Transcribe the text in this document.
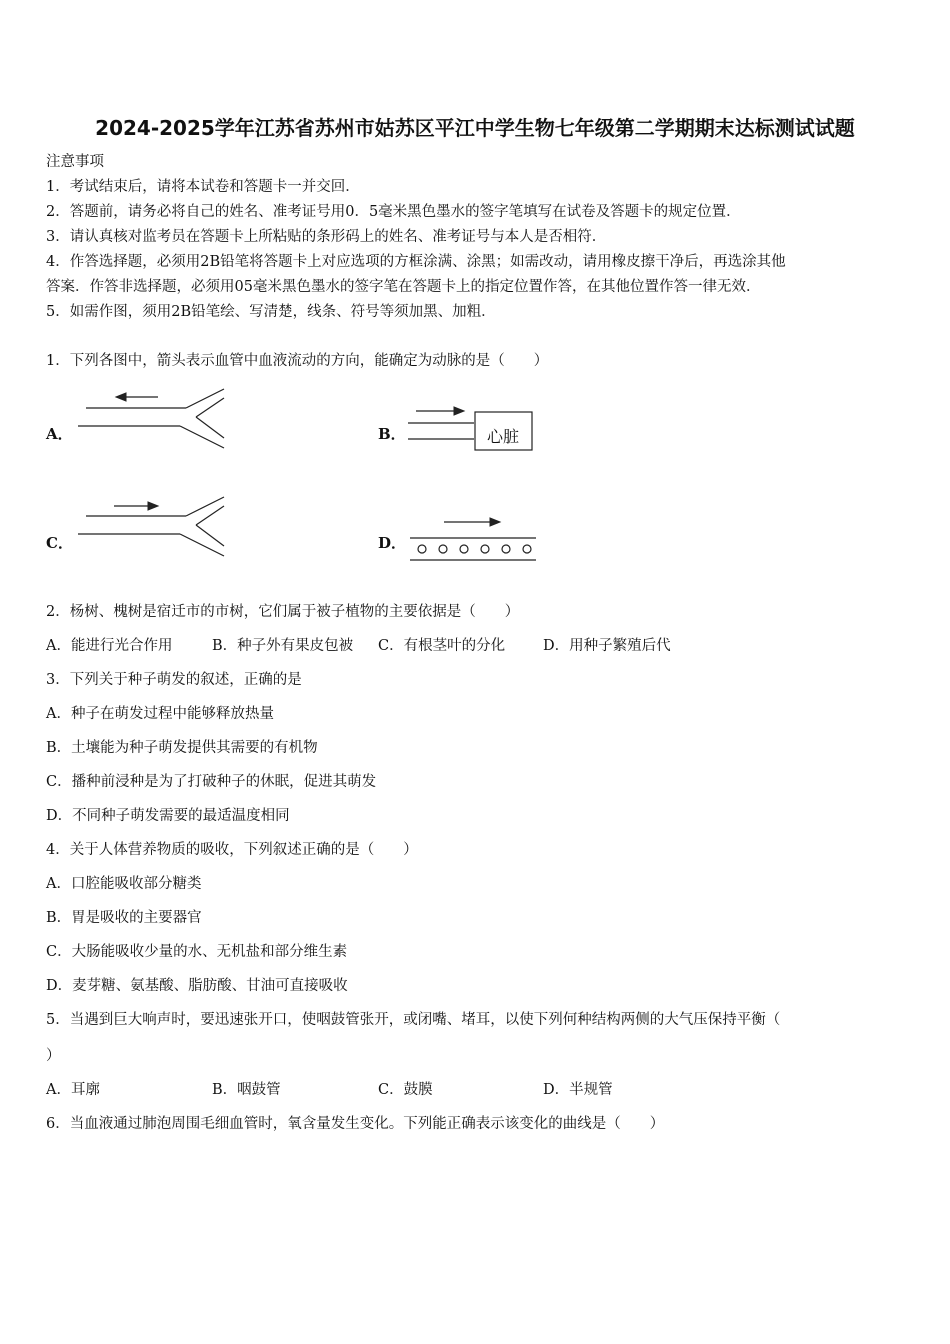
2024-2025学年江苏省苏州市姑苏区平江中学生物七年级第二学期期末达标测试试题
注意事项
1．考试结束后，请将本试卷和答题卡一并交回．
2．答题前，请务必将自己的姓名、准考证号用0．5毫米黑色墨水的签字笔填写在试卷及答题卡的规定位置．
3．请认真核对监考员在答题卡上所粘贴的条形码上的姓名、准考证号与本人是否相符．
4．作答选择题，必须用2B铅笔将答题卡上对应选项的方框涂满、涂黑；如需改动，请用橡皮擦干净后，再选涂其他
答案．作答非选择题，必须用05毫米黑色墨水的签字笔在答题卡上的指定位置作答，在其他位置作答一律无效．
5．如需作图，须用2B铅笔绘、写清楚，线条、符号等须加黑、加粗．
1．下列各图中，箭头表示血管中血液流动的方向，能确定为动脉的是（　　）
A．	B．	心脏
C．	D．
2．杨树、槐树是宿迁市的市树，它们属于被子植物的主要依据是（　　）
A．能进行光合作用	B．种子外有果皮包被 C．有根茎叶的分化	D．用种子繁殖后代
3．下列关于种子萌发的叙述，正确的是
A．种子在萌发过程中能够释放热量
B．土壤能为种子萌发提供其需要的有机物
C．播种前浸种是为了打破种子的休眠，促进其萌发
D．不同种子萌发需要的最适温度相同
4．关于人体营养物质的吸收，下列叙述正确的是（　　）
A．口腔能吸收部分糖类
B．胃是吸收的主要器官
C．大肠能吸收少量的水、无机盐和部分维生素
D．麦芽糖、氨基酸、脂肪酸、甘油可直接吸收
5．当遇到巨大响声时，要迅速张开口，使咽鼓管张开，或闭嘴、堵耳，以使下列何种结构两侧的大气压保持平衡（
）
A．耳廓	B．咽鼓管	C．鼓膜	D．半规管
6．当血液通过肺泡周围毛细血管时，氧含量发生变化。下列能正确表示该变化的曲线是（　　）
